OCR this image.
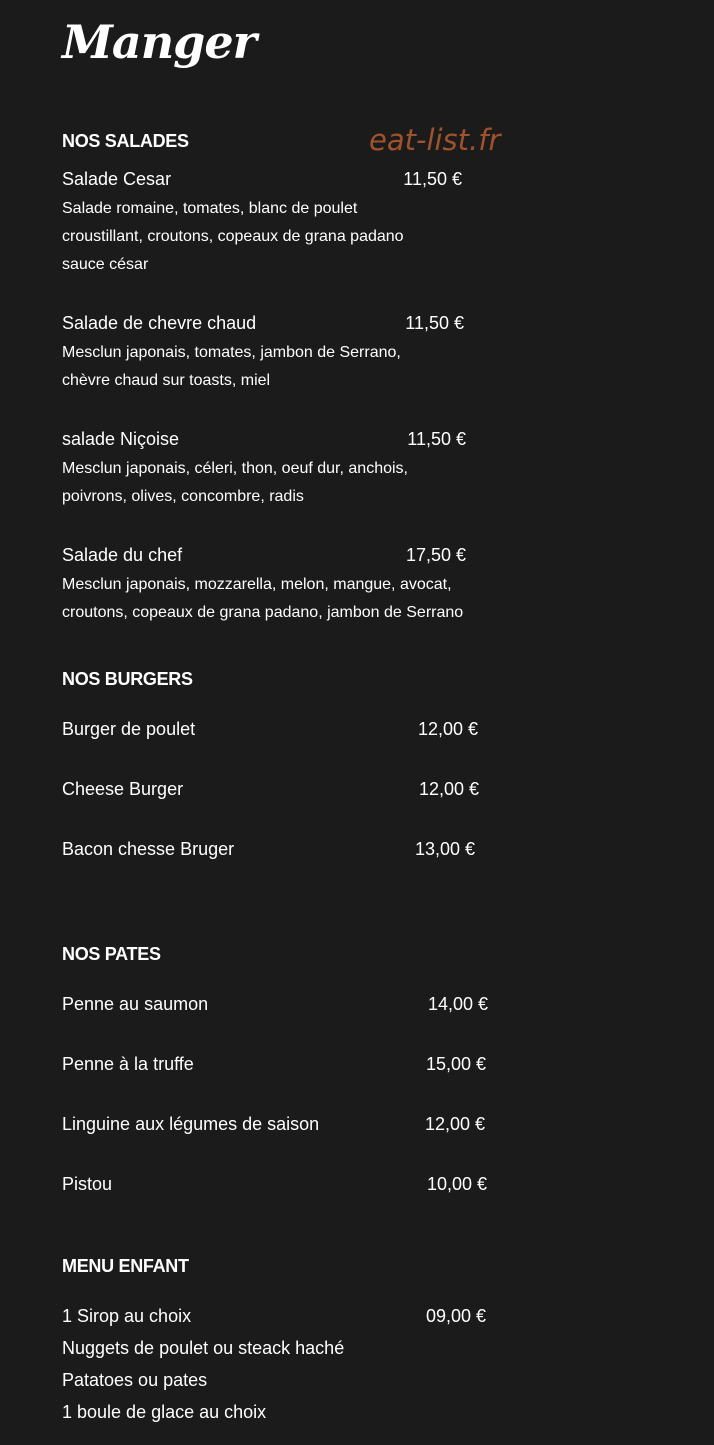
Manger
eat-list.fr
NOS SALADES
Salade Cesar	11,50 €
Salade romaine, tomates, blanc de poulet
croustillant, croutons, copeaux de grana padano
sauce césar
Salade de chevre chaud	11,50 €
Mesclun japonais, tomates, jambon de Serrano,
chèvre chaud sur toasts, miel
salade Niçoise	11,50 €
Mesclun japonais, céleri, thon, oeuf dur, anchois,
poivrons, olives, concombre, radis
Salade du chef	17,50 €
Mesclun japonais, mozzarella, melon, mangue, avocat,
croutons, copeaux de grana padano, jambon de Serrano
NOS BURGERS
Burger de poulet	12,00 €
Cheese Burger	12,00 €
Bacon chesse Bruger	13,00 €
NOS PATES
Penne au saumon	14,00 €
Penne à la truffe	15,00 €
Linguine aux légumes de saison	12,00 €
Pistou	10,00 €
MENU ENFANT
1 Sirop au choix	09,00 €
Nuggets de poulet ou steack haché
Patatoes ou pates
1 boule de glace au choix
